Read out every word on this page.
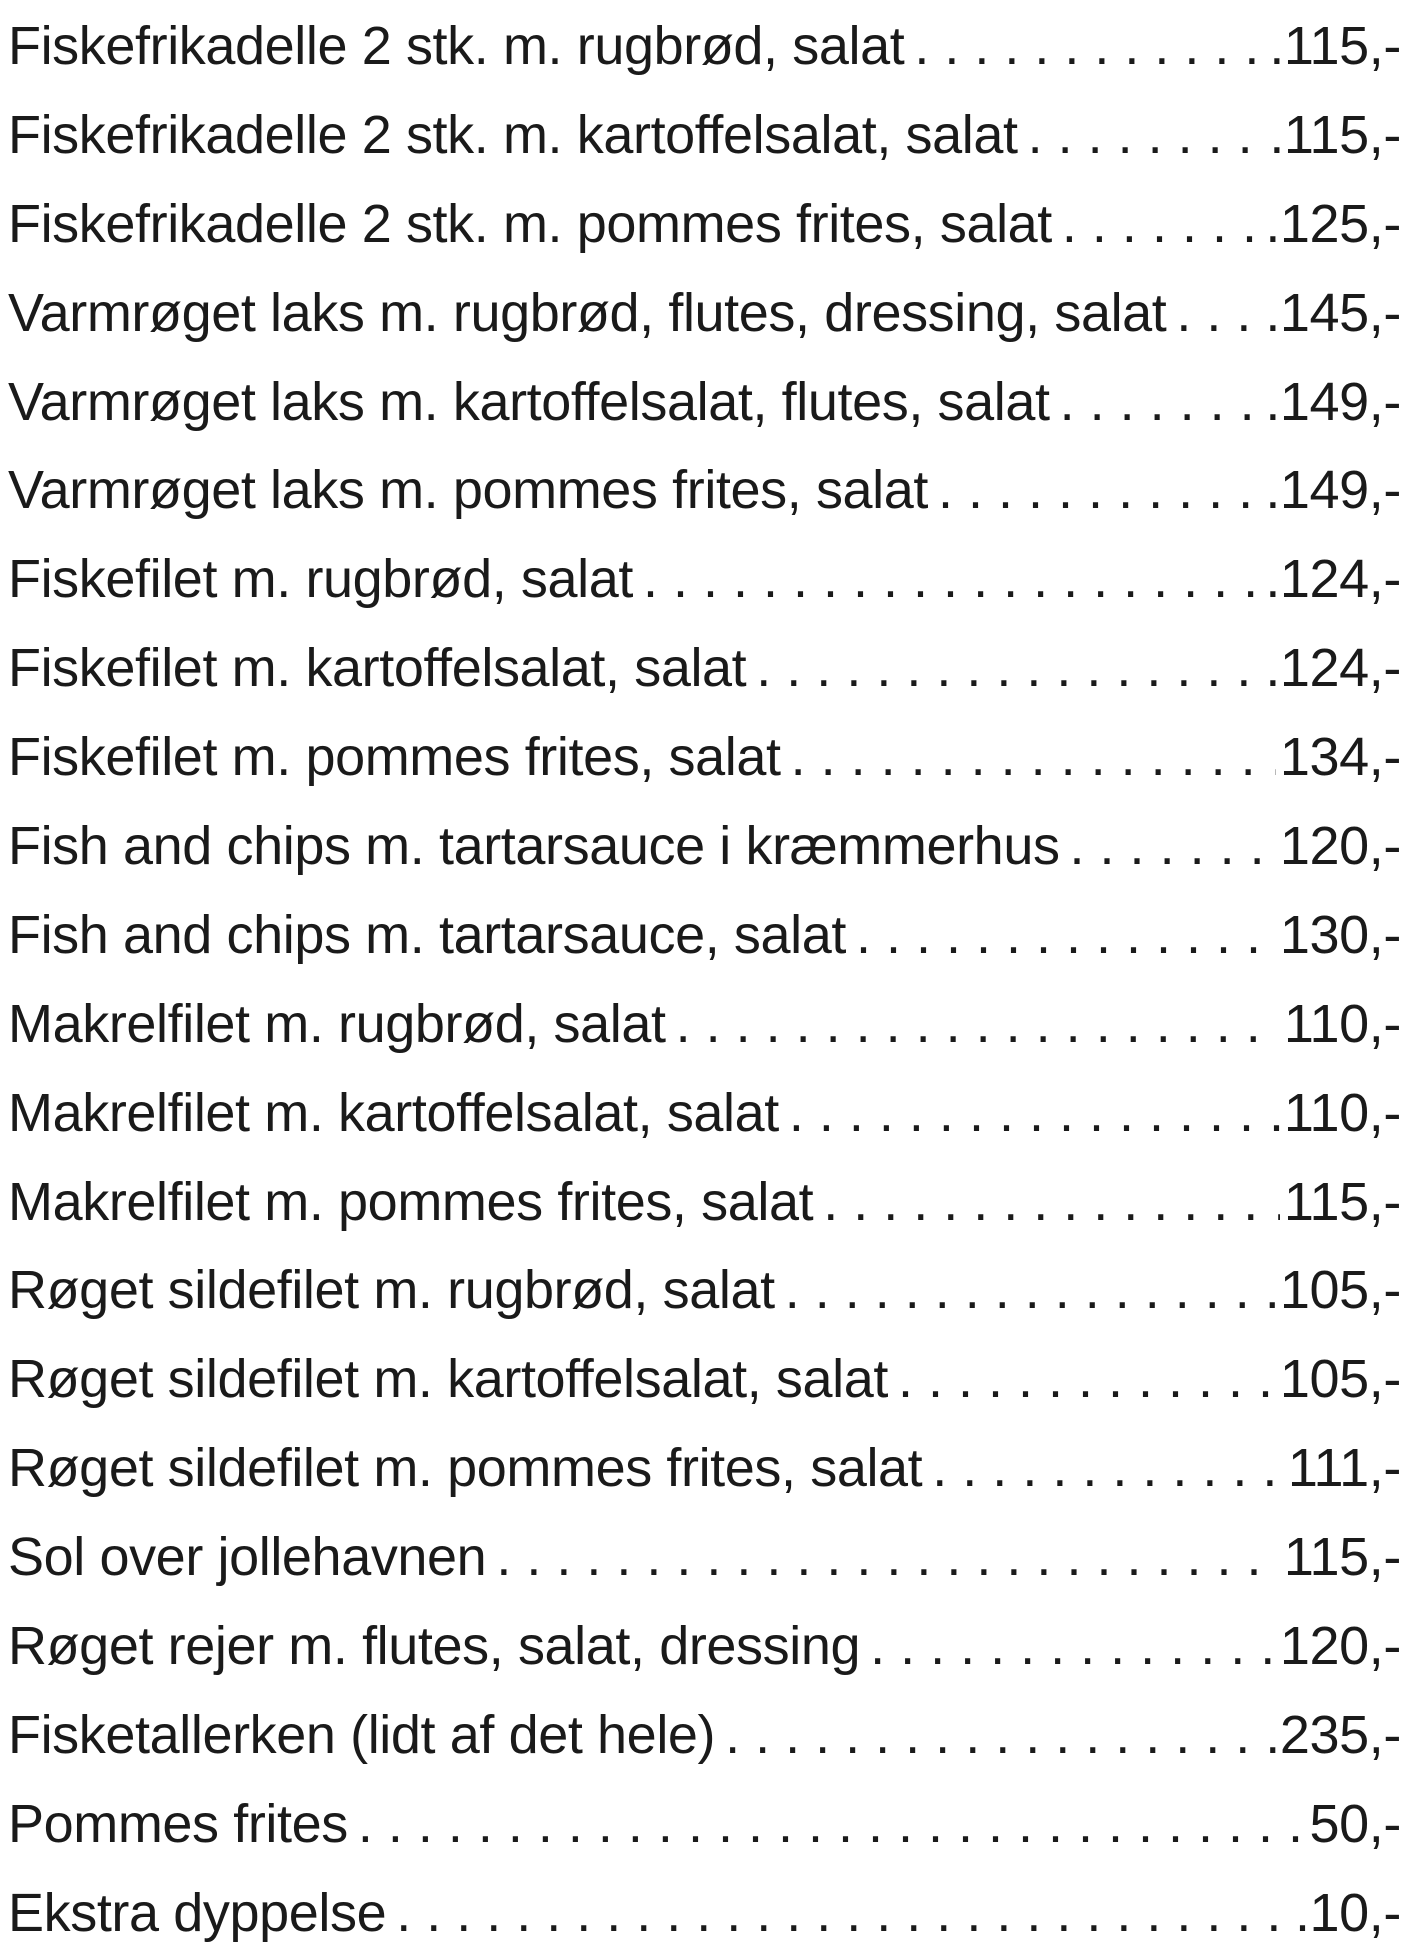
Fiskefrikadelle 2 stk. m. rugbrød, salat . . .	.115,-
Fiskefrikadelle 2 stk. m. kartoffelsalat, salat . . .	.115,-
Fiskefrikadelle 2 stk. m. pommes frites, salat . . .	.125,-
Varmrøget laks m. rugbrød, flutes, dressing, salat . . . .145,-
Varmrøget laks m. kartoffelsalat, flutes, salat . . .	.149,-
Varmrøget laks m. pommes frites, salat . . .	.149,-
Fiskefilet m. rugbrød, salat . . .	.124,-
Fiskefilet m. kartoffelsalat, salat . . .	.124,-
Fiskefilet m. pommes frites, salat . . .	134,-
Fish and chips m. tartarsauce i kræmmerhus . . .	120,-
Fish and chips m. tartarsauce, salat . . .	130,-
Makrelfilet m. rugbrød, salat . . .	110,-
Makrelfilet m. kartoffelsalat, salat . . .	110,-
Makrelfilet m. pommes frites, salat . . .	115,-
Røget sildefilet m. rugbrød, salat . . .	105,-
Røget sildefilet m. kartoffelsalat, salat . . .	105,-
Røget sildefilet m. pommes frites, salat . . .	111,-
Sol over jollehavnen . . .	115,-
Røget rejer m. flutes, salat, dressing . . .	120,-
Fisketallerken (lidt af det hele) . . .	235,-
Pommes frites . . .	50,-
Ekstra dyppelse . . .	.10,-
